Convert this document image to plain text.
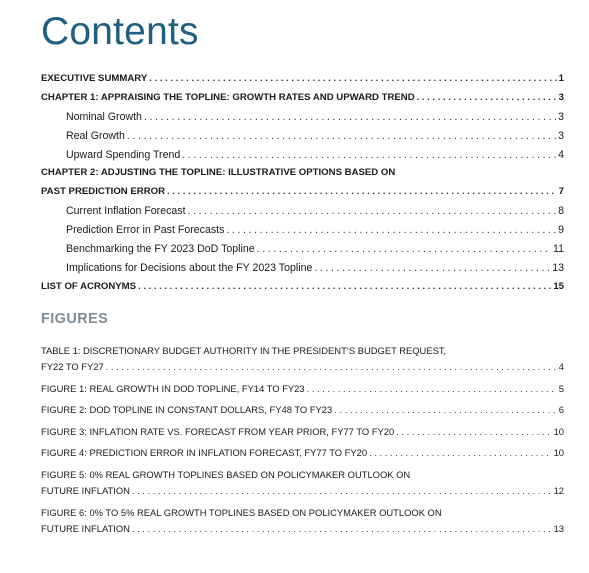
Contents
EXECUTIVE SUMMARY .....	1
CHAPTER 1: APPRAISING THE TOPLINE: GROWTH RATES AND UPWARD TREND .....	3
Nominal Growth .....	3
Real Growth .....	3
Upward Spending Trend .....	4
CHAPTER 2: ADJUSTING THE TOPLINE: ILLUSTRATIVE OPTIONS BASED ON
PAST PREDICTION ERROR .....	7
Current Inflation Forecast .....	8
Prediction Error in Past Forecasts .....	9
Benchmarking the FY 2023 DoD Topline .....	11
Implications for Decisions about the FY 2023 Topline .....	13
LIST OF ACRONYMS .....	15
FIGURES
TABLE 1: DISCRETIONARY BUDGET AUTHORITY IN THE PRESIDENT’S BUDGET REQUEST,
FY22 TO FY27 .....	4
FIGURE 1: REAL GROWTH IN DOD TOPLINE, FY14 TO FY23 .....	5
FIGURE 2: DOD TOPLINE IN CONSTANT DOLLARS, FY48 TO FY23 .....	6
FIGURE 3: INFLATION RATE VS. FORECAST FROM YEAR PRIOR, FY77 TO FY20 .....	10
FIGURE 4: PREDICTION ERROR IN INFLATION FORECAST, FY77 TO FY20 .....	10
FIGURE 5: 0% REAL GROWTH TOPLINES BASED ON POLICYMAKER OUTLOOK ON
FUTURE INFLATION .....	12
FIGURE 6: 0% TO 5% REAL GROWTH TOPLINES BASED ON POLICYMAKER OUTLOOK ON
FUTURE INFLATION .....	13
